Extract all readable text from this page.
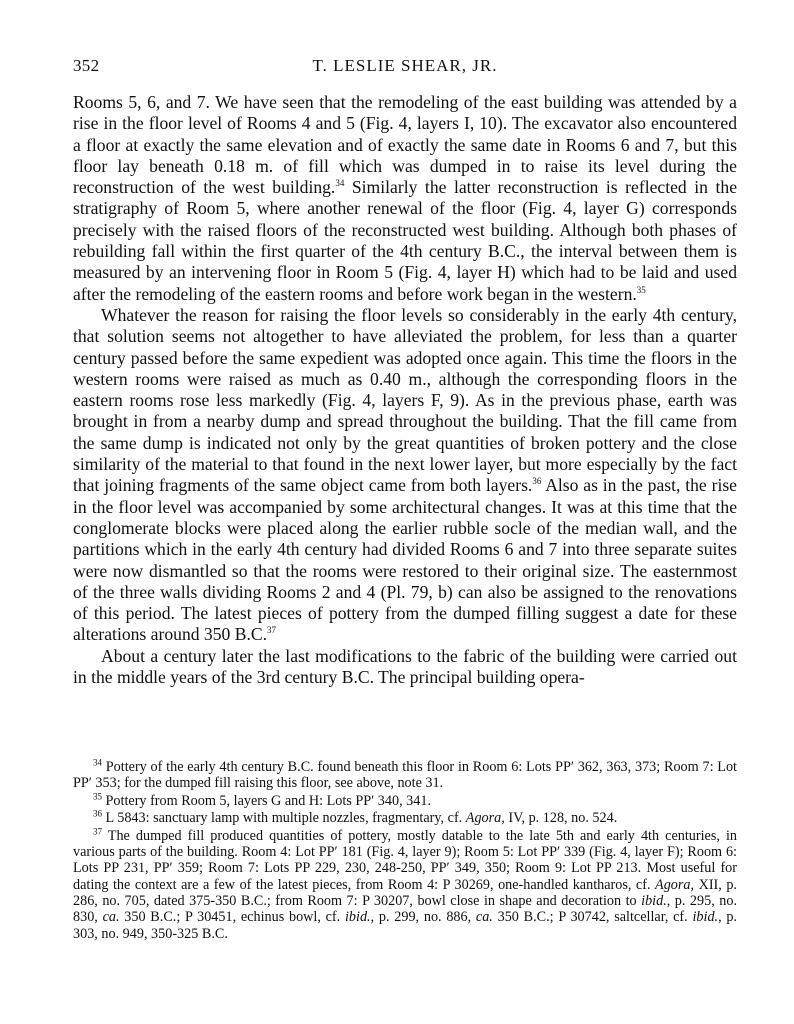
352	T. LESLIE SHEAR, JR.

Rooms 5, 6, and 7. We have seen that the remodeling of the east building was attended by a rise in the floor level of Rooms 4 and 5 (Fig. 4, layers I, 10). The excavator also encountered a floor at exactly the same elevation and of exactly the same date in Rooms 6 and 7, but this floor lay beneath 0.18 m. of fill which was dumped in to raise its level during the reconstruction of the west building.$^{34}$ Similarly the latter reconstruction is reflected in the stratigraphy of Room 5, where another renewal of the floor (Fig. 4, layer G) corresponds precisely with the raised floors of the reconstructed west building. Although both phases of rebuilding fall within the first quarter of the 4th century B.C., the interval between them is measured by an intervening floor in Room 5 (Fig. 4, layer H) which had to be laid and used after the remodeling of the eastern rooms and before work began in the western.$^{35}$

Whatever the reason for raising the floor levels so considerably in the early 4th century, that solution seems not altogether to have alleviated the problem, for less than a quarter century passed before the same expedient was adopted once again. This time the floors in the western rooms were raised as much as 0.40 m., although the corresponding floors in the eastern rooms rose less markedly (Fig. 4, layers F, 9). As in the previous phase, earth was brought in from a nearby dump and spread throughout the building. That the fill came from the same dump is indicated not only by the great quantities of broken pottery and the close similarity of the material to that found in the next lower layer, but more especially by the fact that joining fragments of the same object came from both layers.$^{36}$ Also as in the past, the rise in the floor level was accompanied by some architectural changes. It was at this time that the conglomerate blocks were placed along the earlier rubble socle of the median wall, and the partitions which in the early 4th century had divided Rooms 6 and 7 into three separate suites were now dismantled so that the rooms were restored to their original size. The easternmost of the three walls dividing Rooms 2 and 4 (Pl. 79, b) can also be assigned to the renovations of this period. The latest pieces of pottery from the dumped filling suggest a date for these alterations around 350 B.C.$^{37}$

About a century later the last modifications to the fabric of the building were carried out in the middle years of the 3rd century B.C. The principal building opera-

$^{34}$ Pottery of the early 4th century B.C. found beneath this floor in Room 6: Lots PP′ 362, 363, 373; Room 7: Lot PP′ 353; for the dumped fill raising this floor, see above, note 31.

$^{35}$ Pottery from Room 5, layers G and H: Lots PP′ 340, 341.

$^{36}$ L 5843: sanctuary lamp with multiple nozzles, fragmentary, cf. Agora, IV, p. 128, no. 524.

$^{37}$ The dumped fill produced quantities of pottery, mostly datable to the late 5th and early 4th centuries, in various parts of the building. Room 4: Lot PP′ 181 (Fig. 4, layer 9); Room 5: Lot PP′ 339 (Fig. 4, layer F); Room 6: Lots PP 231, PP′ 359; Room 7: Lots PP 229, 230, 248-250, PP′ 349, 350; Room 9: Lot PP 213. Most useful for dating the context are a few of the latest pieces, from Room 4: P 30269, one-handled kantharos, cf. Agora, XII, p. 286, no. 705, dated 375-350 B.C.; from Room 7: P 30207, bowl close in shape and decoration to ibid., p. 295, no. 830, ca. 350 B.C.; P 30451, echinus bowl, cf. ibid., p. 299, no. 886, ca. 350 B.C.; P 30742, saltcellar, cf. ibid., p. 303, no. 949, 350-325 B.C.
